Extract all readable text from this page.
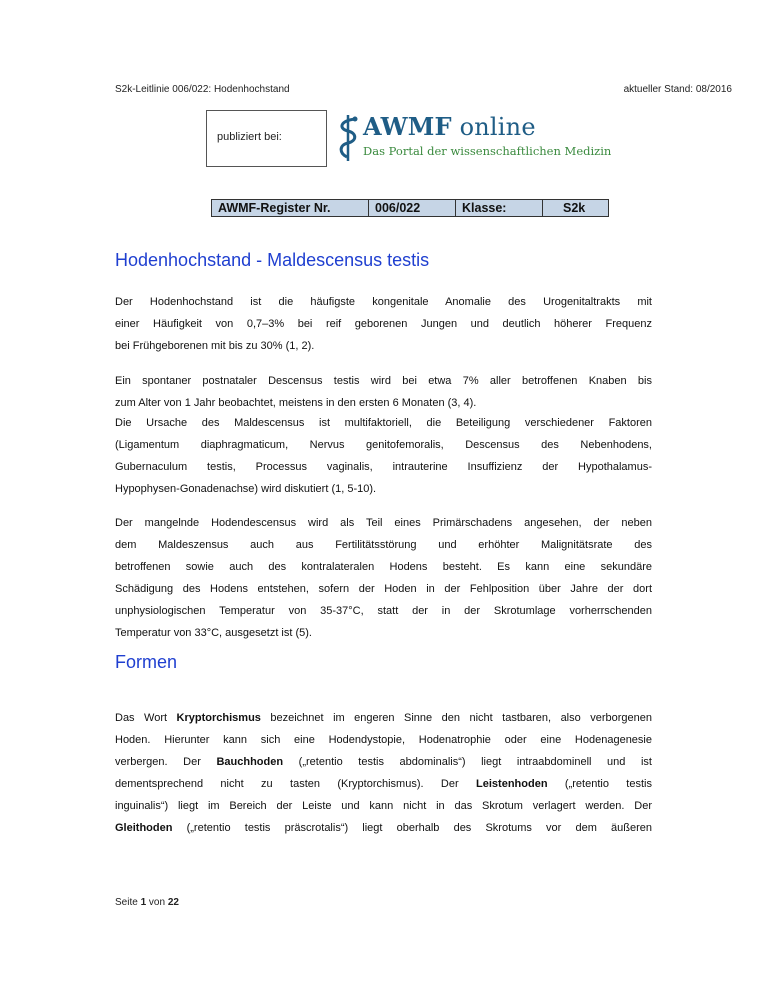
S2k-Leitlinie 006/022: Hodenhochstand	aktueller Stand: 08/2016
publiziert bei:	AWMF online
Das Portal der wissenschaftlichen Medizin
AWMF-Register Nr.	006/022	Klasse:	S2k
Hodenhochstand - Maldescensus testis

Der Hodenhochstand ist die häufigste kongenitale Anomalie des Urogenitaltrakts mit
einer Häufigkeit von 0,7–3% bei reif geborenen Jungen und deutlich höherer Frequenz
bei Frühgeborenen mit bis zu 30% (1, 2).

Ein spontaner postnataler Descensus testis wird bei etwa 7% aller betroffenen Knaben bis
zum Alter von 1 Jahr beobachtet, meistens in den ersten 6 Monaten (3, 4).

Die Ursache des Maldescensus ist multifaktoriell, die Beteiligung verschiedener Faktoren
(Ligamentum diaphragmaticum, Nervus genitofemoralis, Descensus des Nebenhodens,
Gubernaculum testis, Processus vaginalis, intrauterine Insuffizienz der Hypothalamus-
Hypophysen-Gonadenachse) wird diskutiert (1, 5-10).

Der mangelnde Hodendescensus wird als Teil eines Primärschadens angesehen, der neben
dem Maldeszensus auch aus Fertilitätsstörung und erhöhter Malignitätsrate des
betroffenen sowie auch des kontralateralen Hodens besteht. Es kann eine sekundäre
Schädigung des Hodens entstehen, sofern der Hoden in der Fehlposition über Jahre der dort
unphysiologischen Temperatur von 35-37°C, statt der in der Skrotumlage vorherrschenden
Temperatur von 33°C, ausgesetzt ist (5).

Formen

Das Wort Kryptorchismus bezeichnet im engeren Sinne den nicht tastbaren, also verborgenen
Hoden. Hierunter kann sich eine Hodendystopie, Hodenatrophie oder eine Hodenagenesie
verbergen. Der Bauchhoden („retentio testis abdominalis“) liegt intraabdominell und ist
dementsprechend nicht zu tasten (Kryptorchismus). Der Leistenhoden („retentio testis
inguinalis“) liegt im Bereich der Leiste und kann nicht in das Skrotum verlagert werden. Der
Gleithoden („retentio testis präscrotalis“) liegt oberhalb des Skrotums vor dem äußeren

Seite 1 von 22
